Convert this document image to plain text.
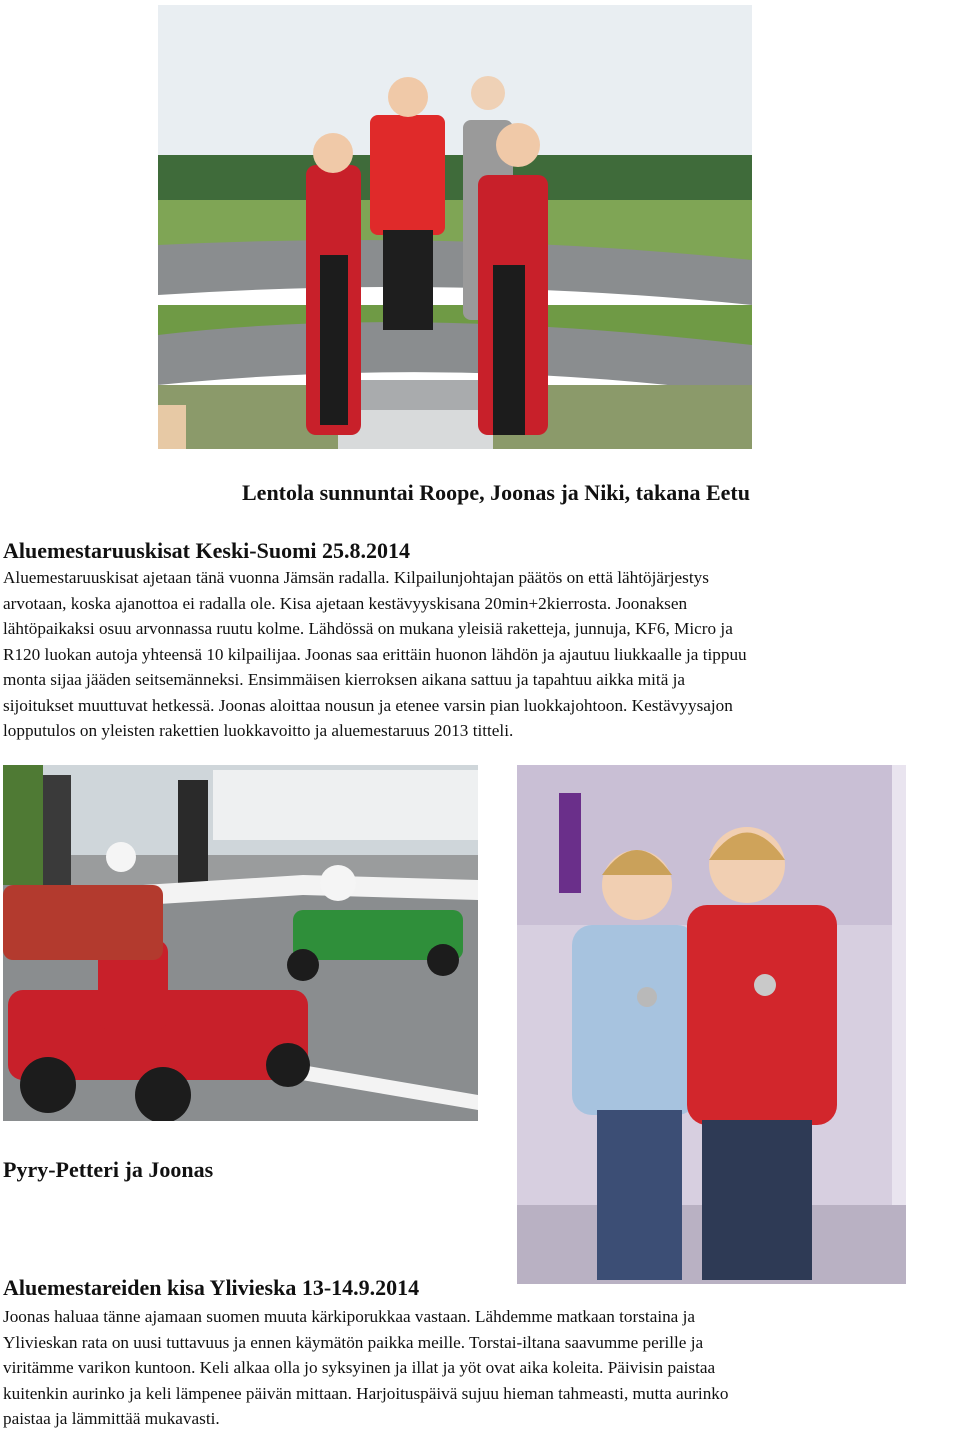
Lentola sunnuntai Roope, Joonas ja Niki, takana Eetu
Aluemestaruuskisat Keski-Suomi 25.8.2014

Aluemestaruuskisat ajetaan tänä vuonna Jämsän radalla. Kilpailunjohtajan päätös on että lähtöjärjestys

arvotaan, koska ajanottoa ei radalla ole. Kisa ajetaan kestävyyskisana 20min+2kierrosta. Joonaksen

lähtöpaikaksi osuu arvonnassa ruutu kolme. Lähdössä on mukana yleisiä raketteja, junnuja, KF6, Micro ja

R120 luokan autoja yhteensä 10 kilpailijaa. Joonas saa erittäin huonon lähdön ja ajautuu liukkaalle ja tippuu

monta sijaa jääden seitsemänneksi. Ensimmäisen kierroksen aikana sattuu ja tapahtuu aikka mitä ja

sijoitukset muuttuvat hetkessä. Joonas aloittaa nousun ja etenee varsin pian luokkajohtoon. Kestävyysajon

lopputulos on yleisten rakettien luokkavoitto ja aluemestaruus 2013 titteli.

Pyry-Petteri ja Joonas
Aluemestareiden kisa Ylivieska 13-14.9.2014

Joonas haluaa tänne ajamaan suomen muuta kärkiporukkaa vastaan. Lähdemme matkaan torstaina ja

Ylivieskan rata on uusi tuttavuus ja ennen käymätön paikka meille. Torstai-iltana saavumme perille ja

viritämme varikon kuntoon. Keli alkaa olla jo syksyinen ja illat ja yöt ovat aika koleita. Päivisin paistaa

kuitenkin aurinko ja keli lämpenee päivän mittaan. Harjoituspäivä sujuu hieman tahmeasti, mutta aurinko

paistaa ja lämmittää mukavasti.
